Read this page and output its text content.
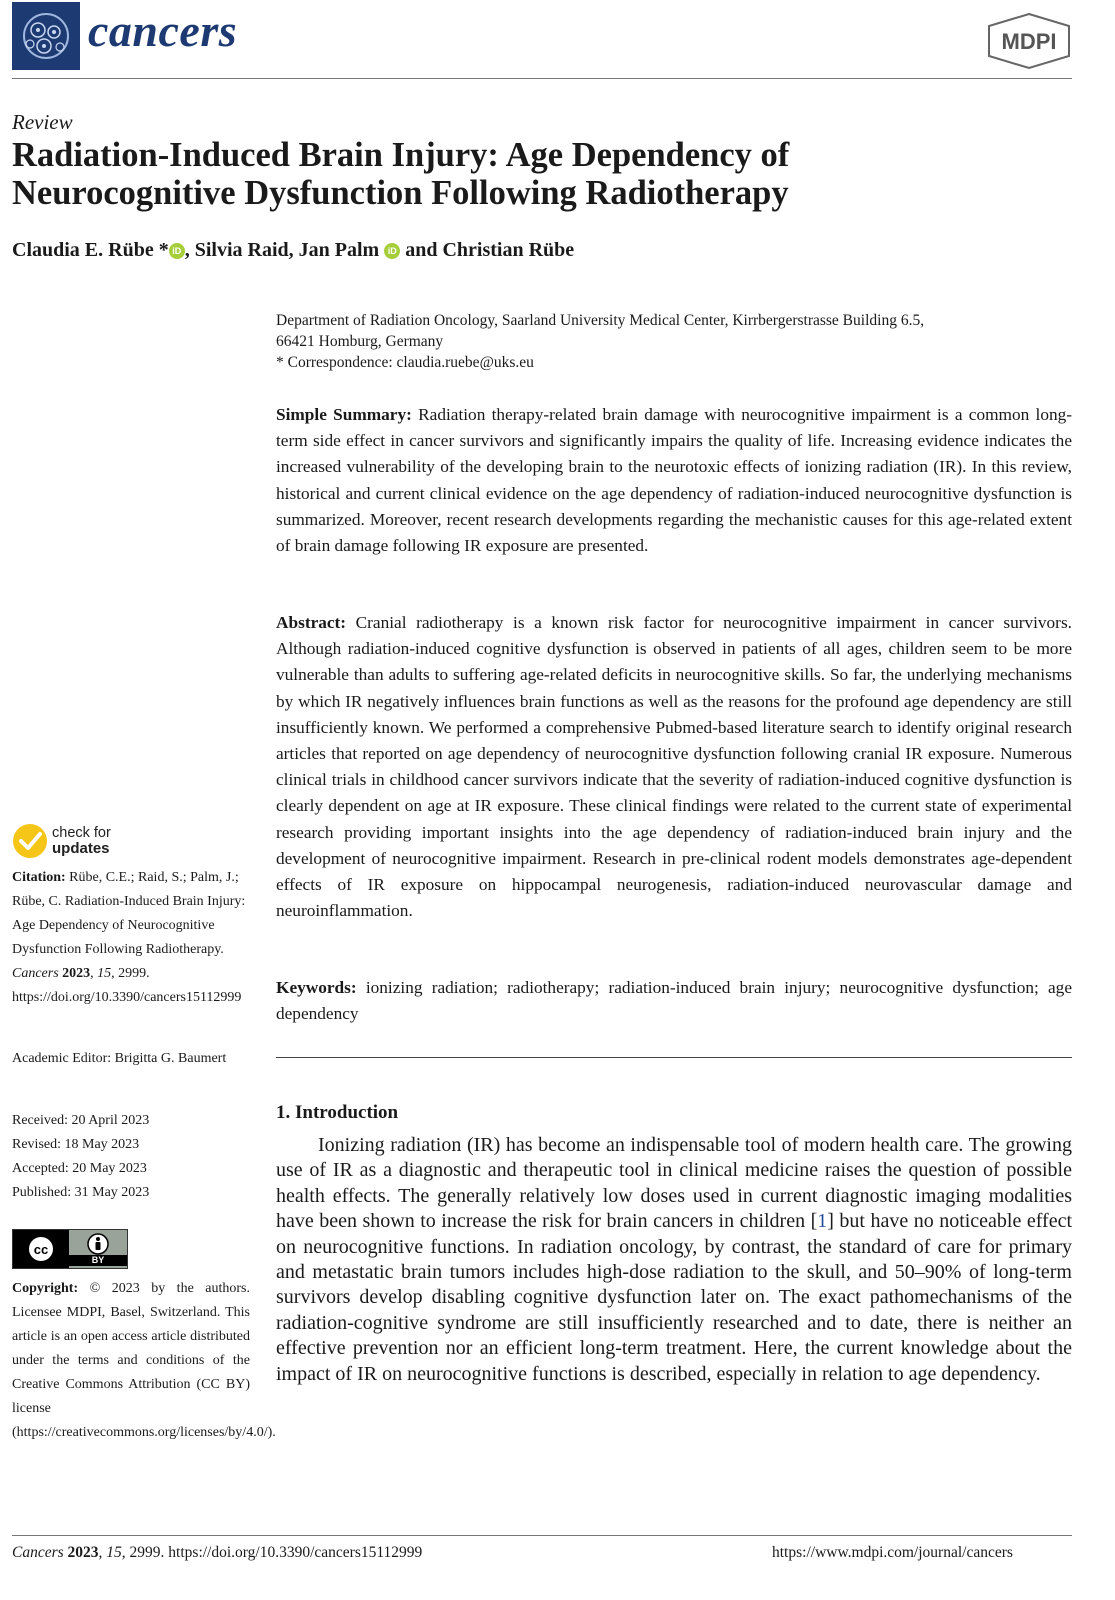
cancers	MDPI
Review
Radiation-Induced Brain Injury: Age Dependency of
Neurocognitive Dysfunction Following Radiotherapy
Claudia E. Rübe * iD , Silvia Raid, Jan Palm iD and Christian Rübe
Department of Radiation Oncology, Saarland University Medical Center, Kirrbergerstrasse Building 6.5,
66421 Homburg, Germany
* Correspondence: claudia.ruebe@uks.eu
Simple Summary: Radiation therapy-related brain damage with neurocognitive impairment is a common long-term side effect in cancer survivors and significantly impairs the quality of life. Increasing evidence indicates the increased vulnerability of the developing brain to the neurotoxic effects of ionizing radiation (IR). In this review, historical and current clinical evidence on the age dependency of radiation-induced neurocognitive dysfunction is summarized. Moreover, recent research developments regarding the mechanistic causes for this age-related extent of brain damage following IR exposure are presented.
Abstract: Cranial radiotherapy is a known risk factor for neurocognitive impairment in cancer survivors. Although radiation-induced cognitive dysfunction is observed in patients of all ages, children seem to be more vulnerable than adults to suffering age-related deficits in neurocognitive skills. So far, the underlying mechanisms by which IR negatively influences brain functions as well as the reasons for the profound age dependency are still insufficiently known. We performed a comprehensive Pubmed-based literature search to identify original research articles that reported on age dependency of neurocognitive dysfunction following cranial IR exposure. Numerous clinical trials in childhood cancer survivors indicate that the severity of radiation-induced cognitive dysfunction is clearly dependent on age at IR exposure. These clinical findings were related to the current state of experimental research providing important insights into the age dependency of radiation-induced brain injury and the development of neurocognitive impairment. Research in pre-clinical rodent models demonstrates age-dependent effects of IR exposure on hippocampal neurogenesis, radiation-induced neurovascular damage and neuroinflammation.
Keywords: ionizing radiation; radiotherapy; radiation-induced brain injury; neurocognitive dysfunction; age dependency
1. Introduction
Ionizing radiation (IR) has become an indispensable tool of modern health care. The growing use of IR as a diagnostic and therapeutic tool in clinical medicine raises the question of possible health effects. The generally relatively low doses used in current diagnostic imaging modalities have been shown to increase the risk for brain cancers in children [1] but have no noticeable effect on neurocognitive functions. In radiation oncology, by contrast, the standard of care for primary and metastatic brain tumors includes high-dose radiation to the skull, and 50–90% of long-term survivors develop disabling cognitive dysfunction later on. The exact pathomechanisms of the radiation-cognitive syndrome are still insufficiently researched and to date, there is neither an effective prevention nor an efficient long-term treatment. Here, the current knowledge about the impact of IR on neurocognitive functions is described, especially in relation to age dependency.
check for
updates
Citation: Rübe, C.E.; Raid, S.; Palm, J.; Rübe, C. Radiation-Induced Brain Injury: Age Dependency of Neurocognitive Dysfunction Following Radiotherapy. Cancers 2023, 15, 2999. https://doi.org/10.3390/cancers15112999
Academic Editor: Brigitta G. Baumert
Received: 20 April 2023
Revised: 18 May 2023
Accepted: 20 May 2023
Published: 31 May 2023
cc
BY
Copyright: © 2023 by the authors. Licensee MDPI, Basel, Switzerland. This article is an open access article distributed under the terms and conditions of the Creative Commons Attribution (CC BY) license (https://creativecommons.org/licenses/by/4.0/).
Cancers 2023, 15, 2999. https://doi.org/10.3390/cancers15112999	https://www.mdpi.com/journal/cancers
